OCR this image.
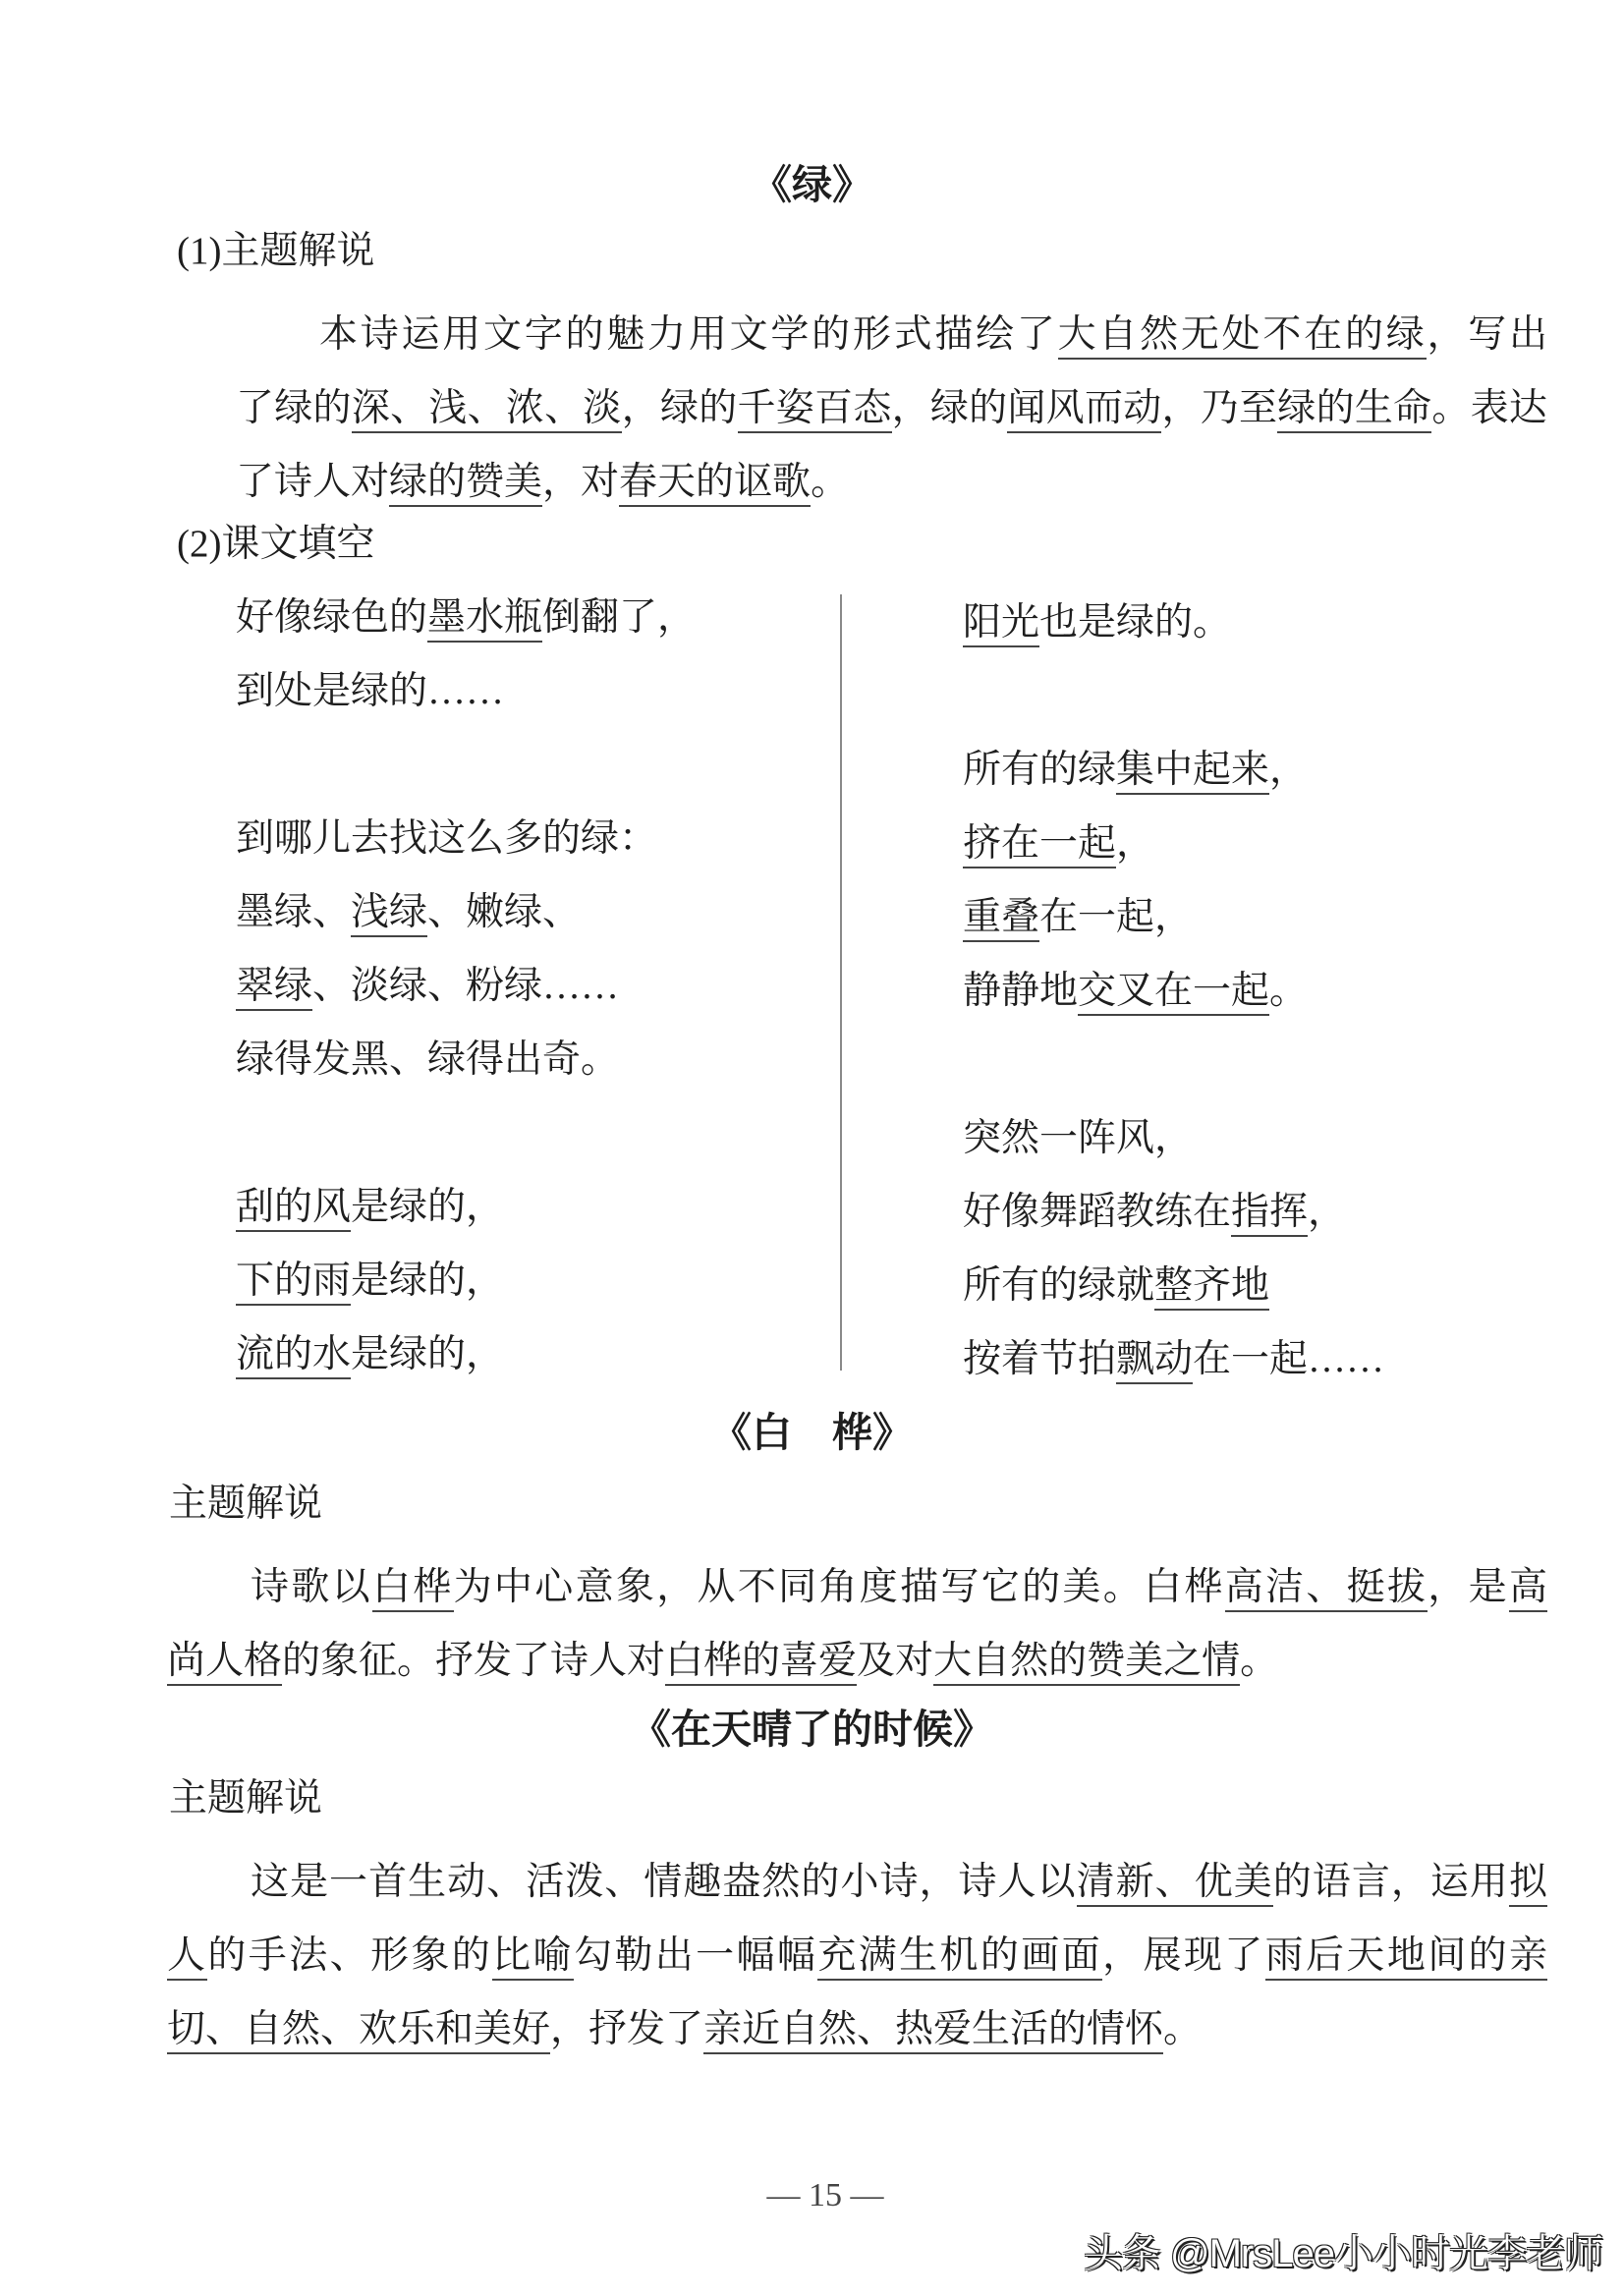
《绿》
(1)主题解说
本诗运用文字的魅力用文学的形式描绘了大自然无处不在的绿，写出
了绿的深、浅、浓、淡，绿的千姿百态，绿的闻风而动，乃至绿的生命。表达
了诗人对绿的赞美，对春天的讴歌。
(2)课文填空
好像绿色的墨水瓶倒翻了，
到处是绿的……
到哪儿去找这么多的绿：
墨绿、浅绿、嫩绿、
翠绿、淡绿、粉绿……
绿得发黑、绿得出奇。
刮的风是绿的，
下的雨是绿的，
流的水是绿的，
阳光也是绿的。
所有的绿集中起来，
挤在一起，
重叠在一起，
静静地交叉在一起。
突然一阵风，
好像舞蹈教练在指挥，
所有的绿就整齐地
按着节拍飘动在一起……
《白　桦》
主题解说
诗歌以白桦为中心意象，从不同角度描写它的美。白桦高洁、挺拔，是高
尚人格的象征。抒发了诗人对白桦的喜爱及对大自然的赞美之情。
《在天晴了的时候》
主题解说
这是一首生动、活泼、情趣盎然的小诗，诗人以清新、优美的语言，运用拟
人的手法、形象的比喻勾勒出一幅幅充满生机的画面，展现了雨后天地间的亲
切、自然、欢乐和美好，抒发了亲近自然、热爱生活的情怀。
— 15 —
头条 @MrsLee小小时光李老师
